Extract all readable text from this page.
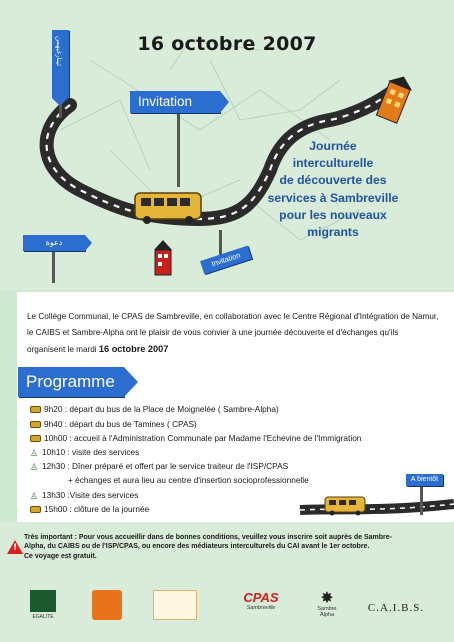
16 octobre 2007
ئينارغيهمن
Invitation
دعوة
Invitation
Journée
interculturelle
de découverte des
services à Sambreville
pour les nouveaux
migrants
Le Collège Communal, le CPAS de Sambreville, en collaboration avec le Centre Régional d'Intégration de Namur,
le CAIBS et Sambre-Alpha ont le plaisir de vous convier à une journée découverte et d'échanges qu'ils
organisent le mardi 16 octobre 2007
Programme
9h20 : départ du bus de la Place de Moignelée ( Sambre-Alpha)
9h40 : départ du bus de Tamines ( CPAS)
10h00 : accueil à l'Administration Communale par Madame l'Echevine de l'Immigration
♙ 10h10 : visite des services
♙ 12h30 : Dîner préparé et offert par le service traiteur de l'ISP/CPAS
+ échanges et aura lieu au centre d'insertion socioprofessionnelle
♙ 13h30 :Visite des services
15h00 : clôture de la journée
A bientôt
!
Très important : Pour vous accueillir dans de bonnes conditions, veuillez vous inscrire soit auprès de Sambre-
Alpha, du CAIBS ou de l'ISP/CPAS, ou encore des médiateurs interculturels du CAI avant le 1er octobre.
Ce voyage est gratuit.
EGALITE
CPAS
Sambreville
✸
Sambre Alpha
C.A.I.B.S.
